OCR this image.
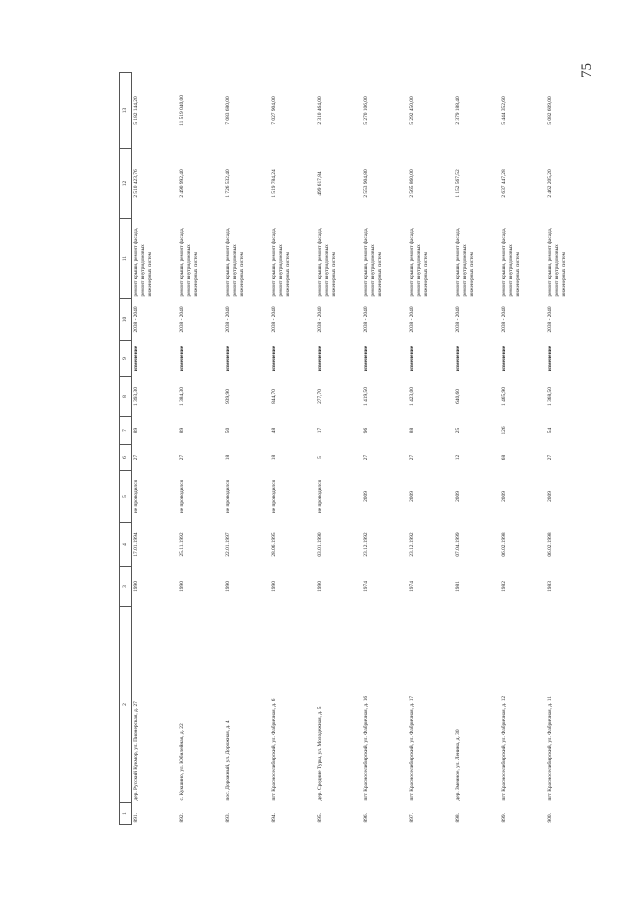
75
1	2	3	4	5	6	7	8	9	10	11	12	13
891.	дер. Русский Кукмор, ул. Пионерская, д. 27	1990	17.01.1994	не проводился	27	89	1 393,30	изменение	2038 - 2040	ремонт крыши, ремонт фасада, ремонт внутридомовых инженерных систем	2 510 423,76	5 182 144,20
892.	с. Кукшино, ул. Юбилейная, д. 22	1990	25.11.1992	не проводился	27	89	1 384,30	изменение	2038 - 2040	ремонт крыши, ремонт фасада, ремонт внутридомовых инженерных систем	2 490 992,40	11 519 040,00
893.	пос. Дорожный, ул. Дорожная, д. 4	1990	22.01.1997	не проводился	18	50	939,90	изменение	2038 - 2040	ремонт крыши, ремонт фасада, ремонт внутридомовых инженерных систем	1 726 532,40	7 083 680,00
894.	пгт Красноселибирский, ул. Фабричная, д. 6	1990	28.06.1995	не проводился	18	48	844,70	изменение	2038 - 2040	ремонт крыши, ремонт фасада, ремонт внутридомовых инженерных систем	1 519 784,24	7 027 904,00
895.	дер. Средние Туры, ул. Молодежная, д. 5	1990	03.01.1990	не проводился	5	17	277,70	изменение	2038 - 2040	ремонт крыши, ремонт фасада, ремонт внутридомовых инженерных систем	499 617,84	2 310 464,00
896.	пгт Красноселибирский, ул. Фабричная, д. 16	1974	23.12.1992	2009	27	96	1 419,50	изменение	2038 - 2040	ремонт крыши, ремонт фасада, ремонт внутридомовых инженерных систем	2 553 904,80	5 270 106,00
897.	пгт Красноселибирский, ул. Фабричная, д. 17	1974	23.12.1992	2009	27	88	1 423,00	изменение	2038 - 2040	ремонт крыши, ремонт фасада, ремонт внутридомовых инженерных систем	2 565 860,00	5 292 450,00
898.	дер. Змеиное, ул. Ленина, д. 30	1981	07.04.1999	2009	12	25	640,60	изменение	2038 - 2040	ремонт крыши, ремонт фасада, ремонт внутридомовых инженерных систем	1 152 567,52	2 379 188,40
899.	пгт Красноселибирский, ул. Фабричная, д. 12	1982	06.02.1998	2009	68	126	1 465,90	изменение	2038 - 2040	ремонт крыши, ремонт фасада, ремонт внутридомовых инженерных систем	2 637 447,28	5 444 352,60
900.	пгт Красноселибирский, ул. Фабричная, д. 11	1983	06.02.1998	2009	27	54	1 368,50	изменение	2038 - 2040	ремонт крыши, ремонт фасада, ремонт внутридомовых инженерных систем	2 462 205,20	5 082 609,00
